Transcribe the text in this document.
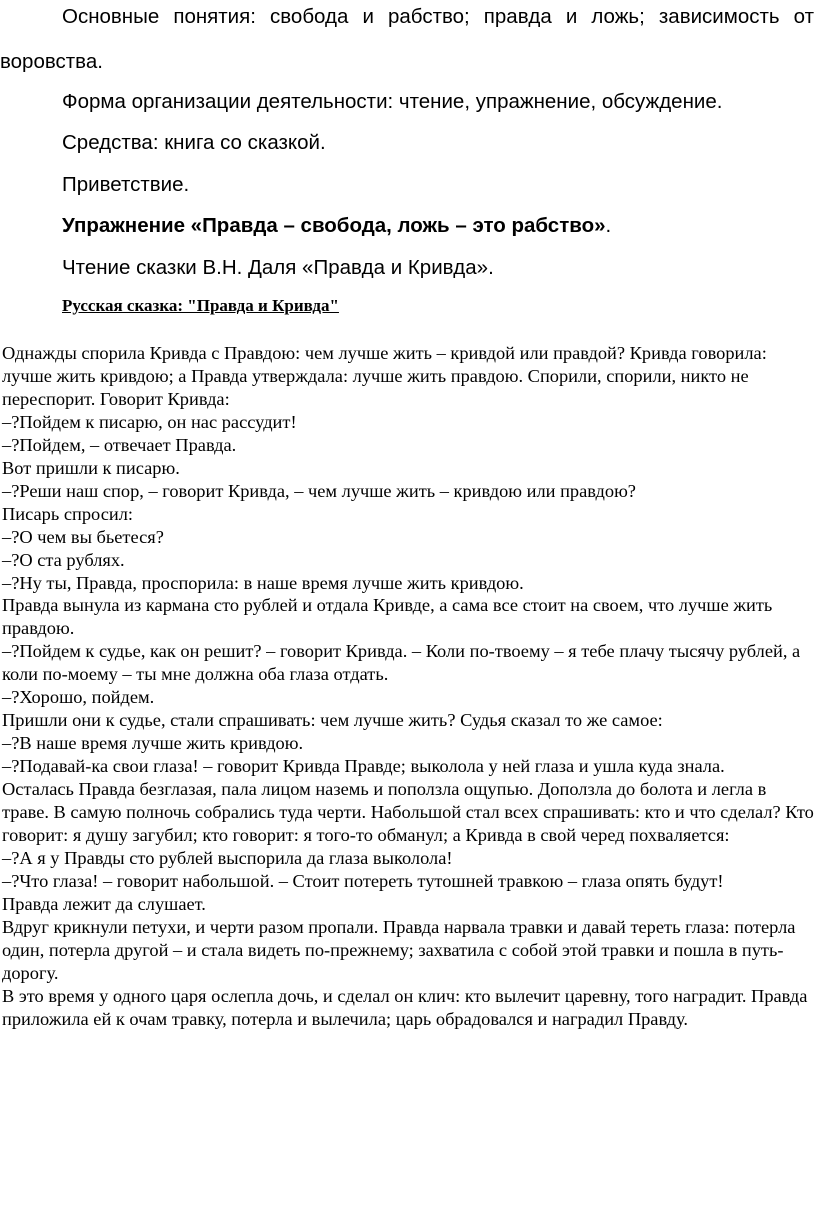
Основные понятия: свобода и рабство; правда и ложь; зависимость от

воровства.

Форма организации деятельности: чтение, упражнение, обсуждение.

Средства: книга со сказкой.

Приветствие.

Упражнение «Правда – свобода, ложь – это рабство».

Чтение сказки В.Н. Даля «Правда и Кривда».

Русская сказка: "Правда и Кривда"

Однажды спорила Кривда с Правдою: чем лучше жить – кривдой или правдой? Кривда говорила: лучше жить кривдою; а Правда утверждала: лучше жить правдою. Спорили, спорили, никто не переспорит. Говорит Кривда:

–?Пойдем к писарю, он нас рассудит!

–?Пойдем, – отвечает Правда.

Вот пришли к писарю.

–?Реши наш спор, – говорит Кривда, – чем лучше жить – кривдою или правдою?

Писарь спросил:

–?О чем вы бьетеся?

–?О ста рублях.

–?Ну ты, Правда, проспорила: в наше время лучше жить кривдою.

Правда вынула из кармана сто рублей и отдала Кривде, а сама все стоит на своем, что лучше жить правдою.

–?Пойдем к судье, как он решит? – говорит Кривда. – Коли по-твоему – я тебе плачу тысячу рублей, а коли по-моему – ты мне должна оба глаза отдать.

–?Хорошо, пойдем.

Пришли они к судье, стали спрашивать: чем лучше жить? Судья сказал то же самое:

–?В наше время лучше жить кривдою.

–?Подавай-ка свои глаза! – говорит Кривда Правде; выколола у ней глаза и ушла куда знала.

Осталась Правда безглазая, пала лицом наземь и поползла ощупью. Доползла до болота и легла в траве. В самую полночь собрались туда черти. Набольшой стал всех спрашивать: кто и что сделал? Кто говорит: я душу загубил; кто говорит: я того-то обманул; а Кривда в свой черед похваляется:

–?А я у Правды сто рублей выспорила да глаза выколола!

–?Что глаза! – говорит набольшой. – Стоит потереть тутошней травкою – глаза опять будут!

Правда лежит да слушает.

Вдруг крикнули петухи, и черти разом пропали. Правда нарвала травки и давай тереть глаза: потерла один, потерла другой – и стала видеть по-прежнему; захватила с собой этой травки и пошла в путь-дорогу.

В это время у одного царя ослепла дочь, и сделал он клич: кто вылечит царевну, того наградит. Правда приложила ей к очам травку, потерла и вылечила; царь обрадовался и наградил Правду.
